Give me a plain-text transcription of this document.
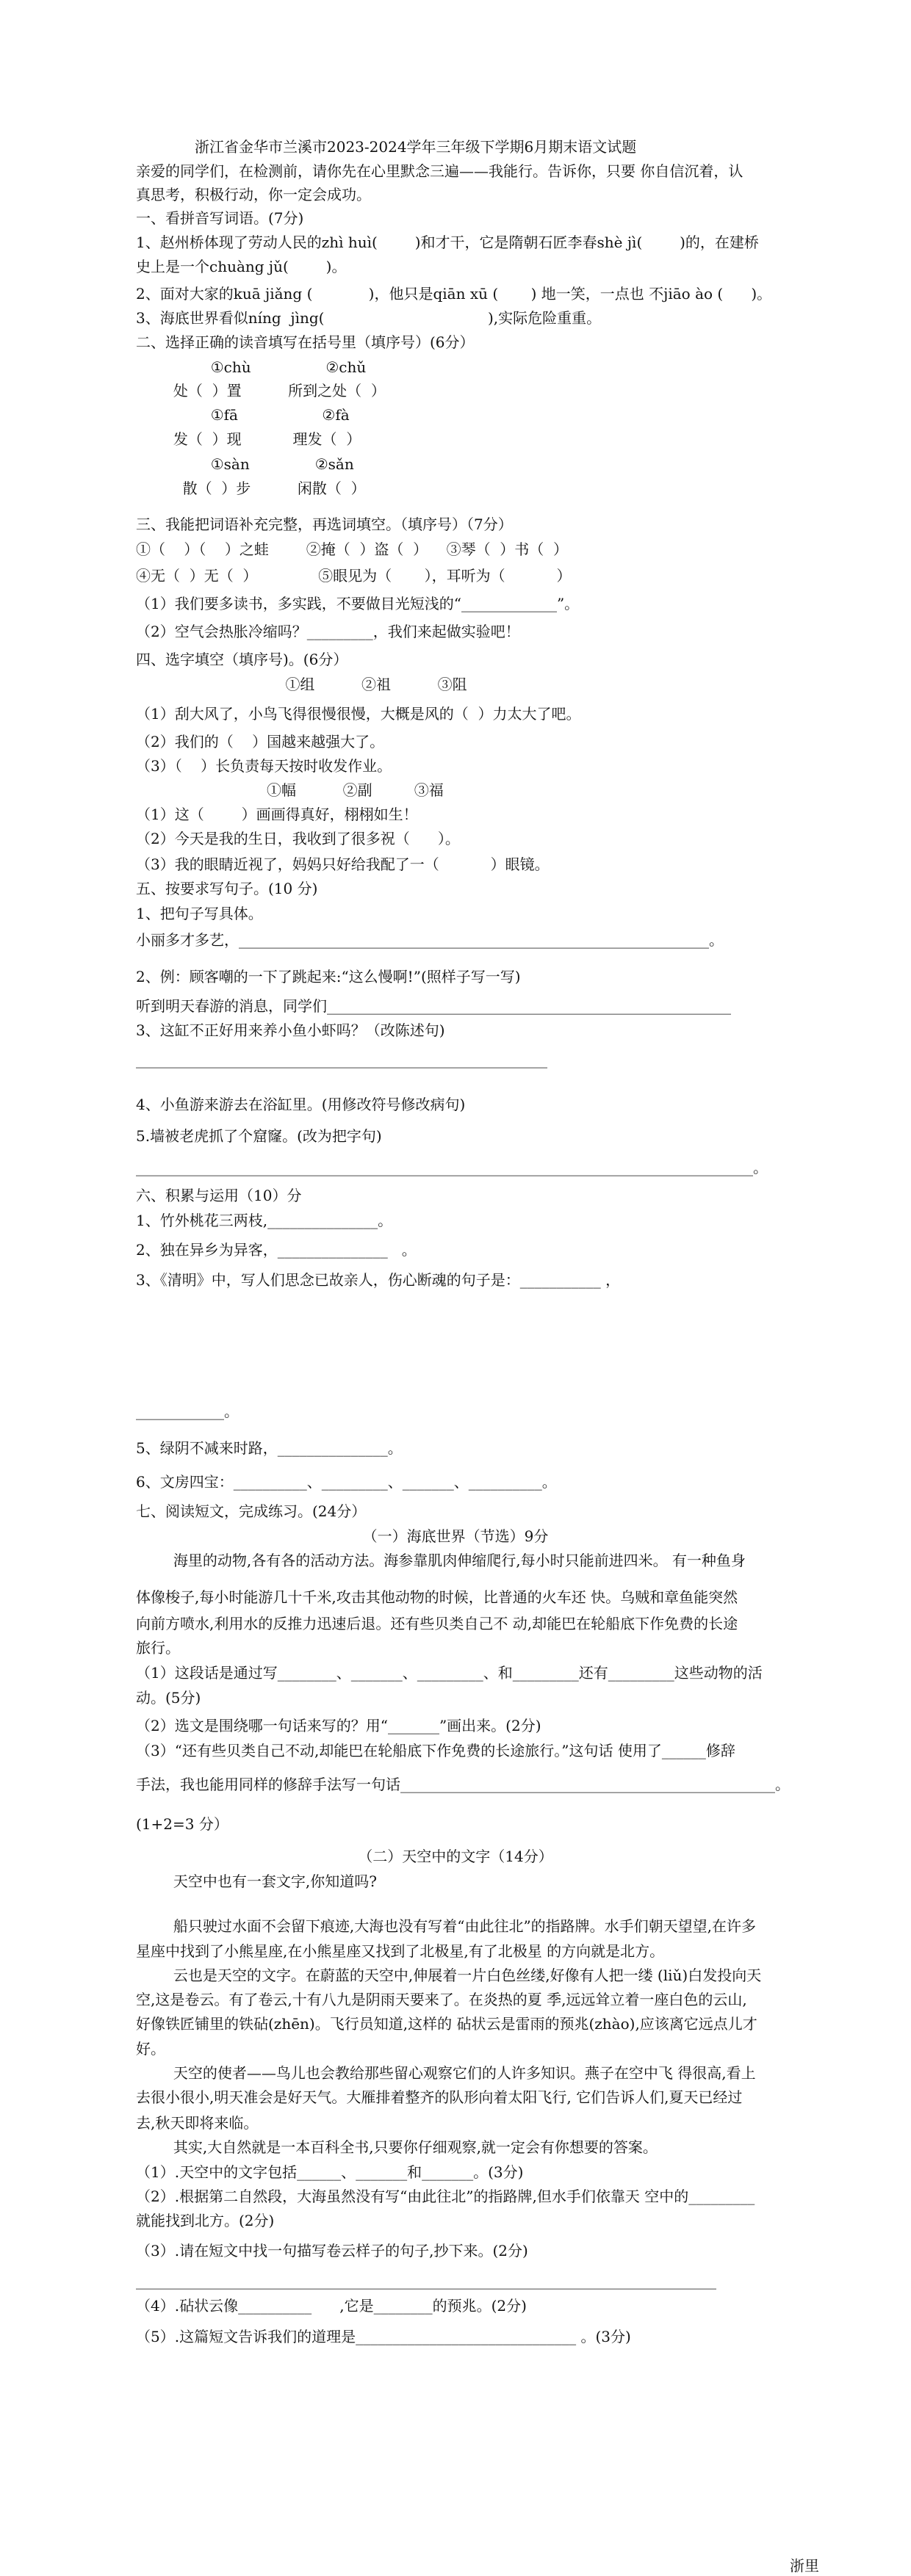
浙江省金华市兰溪市2023-2024学年三年级下学期6月期末语文试题
亲爱的同学们，在检测前，请你先在心里默念三遍——我能行。告诉你，只要 你自信沉着，认
真思考，积极行动，你一定会成功。
一、看拼音写词语。(7分)
1、赵州桥体现了劳动人民的zhì huì(        )和才干，它是隋朝石匠李春shè jì(        )的，在建桥
史上是一个chuàng jǔ(        )。
2、面对大家的kuā jiǎng (            )，他只是qiān xū (       ) 地一笑，一点也 不jiāo ào (      )。
3、海底世界看似níng  jìng(                                   ),实际危险重重。
二、选择正确的读音填写在括号里（填序号）(6分）
①chù                ②chǔ
处（  ）置          所到之处（  ）
①fā                  ②fà
发（  ）现           理发（  ）
①sàn              ②sǎn
散（  ）步          闲散（  ）
三、我能把词语补充完整，再选词填空。（填序号）（7分）
①（    ）（    ）之蛙        ②掩（  ）盗（  ）    ③琴（  ）书（  ）
④无（  ）无（  ）             ⑤眼见为（       ），耳听为（           ）
（1）我们要多读书，多实践，不要做目光短浅的“_____________”。
（2）空气会热胀冷缩吗？_________，我们来起做实验吧！
四、选字填空（填序号)。(6分）
①组          ②祖          ③阻
（1）刮大风了，小鸟飞得很慢很慢，大概是风的（  ）力太大了吧。
（2）我们的（    ）国越来越强大了。
（3）（    ）长负责每天按时收发作业。
①幅          ②副         ③福
（1）这（        ）画画得真好，栩栩如生！
（2）今天是我的生日，我收到了很多祝（      ）。
（3）我的眼睛近视了，妈妈只好给我配了一（           ）眼镜。
五、按要求写句子。(10 分)
1、把句子写具体。
小丽多才多艺，________________________________________________________________。
2、例：顾客嘲的一下了跳起来:“这么慢啊!”(照样子写一写)
听到明天春游的消息，同学们_______________________________________________________
3、这缸不正好用来养小鱼小虾吗？（改陈述句)
________________________________________________________
4、小鱼游来游去在浴缸里。(用修改符号修改病句)
5.墙被老虎抓了个窟窿。(改为把字句)
____________________________________________________________________________________。
六、积累与运用（10）分
1、竹外桃花三两枝,_______________。
2、独在异乡为异客，_______________   。
3、《清明》中，写人们思念已故亲人，伤心断魂的句子是：___________ ，
____________。
5、绿阴不减来时路，_______________。
6、文房四宝：__________、_________、_______、__________。
七、阅读短文，完成练习。(24分）
（一）海底世界（节选）9分
海里的动物,各有各的活动方法。海参靠肌肉伸缩爬行,每小时只能前进四米。 有一种鱼身
体像梭子,每小时能游几十千米,攻击其他动物的时候，比普通的火车还 快。乌贼和章鱼能突然
向前方喷水,利用水的反推力迅速后退。还有些贝类自己不 动,却能巴在轮船底下作免费的长途
旅行。
（1）这段话是通过写________、_______、_________、和_________还有_________这些动物的活
动。(5分)
（2）选文是围绕哪一句话来写的？用“_______”画出来。(2分)
（3）“还有些贝类自己不动,却能巴在轮船底下作免费的长途旅行。”这句话 使用了______修辞
手法，我也能用同样的修辞手法写一句话___________________________________________________。
(1+2=3 分）
（二）天空中的文字（14分）
天空中也有一套文字,你知道吗?
船只驶过水面不会留下痕迹,大海也没有写着“由此往北”的指路牌。水手们朝天望望,在许多
星座中找到了小熊星座,在小熊星座又找到了北极星,有了北极星 的方向就是北方。
云也是天空的文字。在蔚蓝的天空中,伸展着一片白色丝缕,好像有人把一缕 (liǔ)白发投向天
空,这是卷云。有了卷云,十有八九是阴雨天要来了。在炎热的夏 季,远远耸立着一座白色的云山,
好像铁匠铺里的铁砧(zhēn)。飞行员知道,这样的 砧状云是雷雨的预兆(zhào),应该离它远点儿才
好。
天空的使者——鸟儿也会教给那些留心观察它们的人许多知识。燕子在空中飞 得很高,看上
去很小很小,明天准会是好天气。大雁排着整齐的队形向着太阳飞行, 它们告诉人们,夏天已经过
去,秋天即将来临。
其实,大自然就是一本百科全书,只要你仔细观察,就一定会有你想要的答案。
（1）.天空中的文字包括______、_______和_______。(3分)
（2）.根据第二自然段，大海虽然没有写“由此往北”的指路牌,但水手们依靠天 空中的_________
就能找到北方。(2分)
（3）.请在短文中找一句描写卷云样子的句子,抄下来。(2分)
_______________________________________________________________________________
（4）.砧状云像__________      ,它是________的预兆。(2分)
（5）.这篇短文告诉我们的道理是______________________________ 。(3分)
浙里
